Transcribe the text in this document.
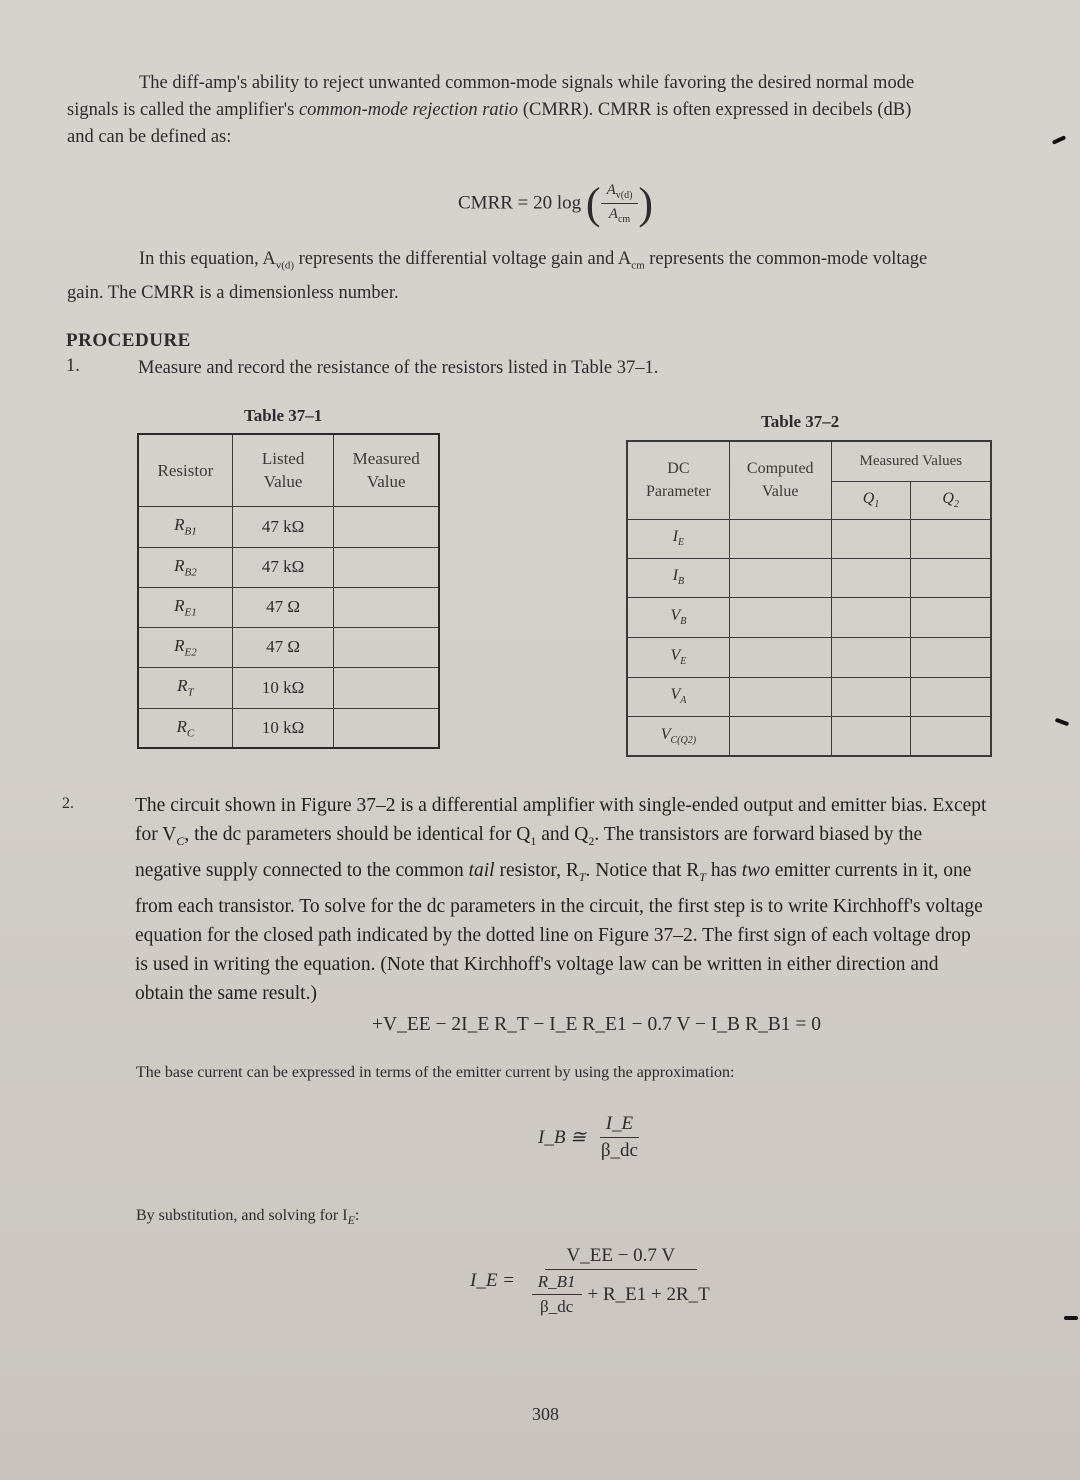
The diff-amp's ability to reject unwanted common-mode signals while favoring the desired normal mode signals is called the amplifier's common-mode rejection ratio (CMRR). CMRR is often expressed in decibels (dB) and can be defined as:

CMRR = 20 log ( $\frac{A_{v(d)}}{A_{cm}}$ )

In this equation, $A_{v(d)}$ represents the differential voltage gain and $A_{cm}$ represents the common-mode voltage gain. The CMRR is a dimensionless number.

PROCEDURE
1.	Measure and record the resistance of the resistors listed in Table 37–1.
Table 37–1
Resistor	Listed Value	Measured Value
$R_{B1}$	47 kΩ	
$R_{B2}$	47 kΩ	
$R_{E1}$	47 Ω	
$R_{E2}$	47 Ω	
$R_T$	10 kΩ	
$R_C$	10 kΩ	
Table 37–2
DC Parameter	Computed Value	Measured Values	
		$Q_1$	$Q_2$
$I_E$			
$I_B$			
$V_B$			
$V_E$			
$V_A$			
$V_{C(Q2)}$			
2.	The circuit shown in Figure 37–2 is a differential amplifier with single-ended output and emitter bias. Except for $V_C$, the dc parameters should be identical for $Q_1$ and $Q_2$. The transistors are forward biased by the negative supply connected to the common tail resistor, $R_T$. Notice that $R_T$ has two emitter currents in it, one from each transistor. To solve for the dc parameters in the circuit, the first step is to write Kirchhoff's voltage equation for the closed path indicated by the dotted line on Figure 37–2. The first sign of each voltage drop is used in writing the equation. (Note that Kirchhoff's voltage law can be written in either direction and obtain the same result.)

+V_EE − 2I_E R_T − I_E R_E1 − 0.7 V − I_B R_B1 = 0
The base current can be expressed in terms of the emitter current by using the approximation:
I_B ≅ $\frac{I\_E}{\beta\_dc}$
By substitution, and solving for $I_E$:
I_E = $\frac{V\_EE - 0.7 V}{\frac{R\_B1}{\beta\_dc} + R\_E1 + 2R\_T}$
308
